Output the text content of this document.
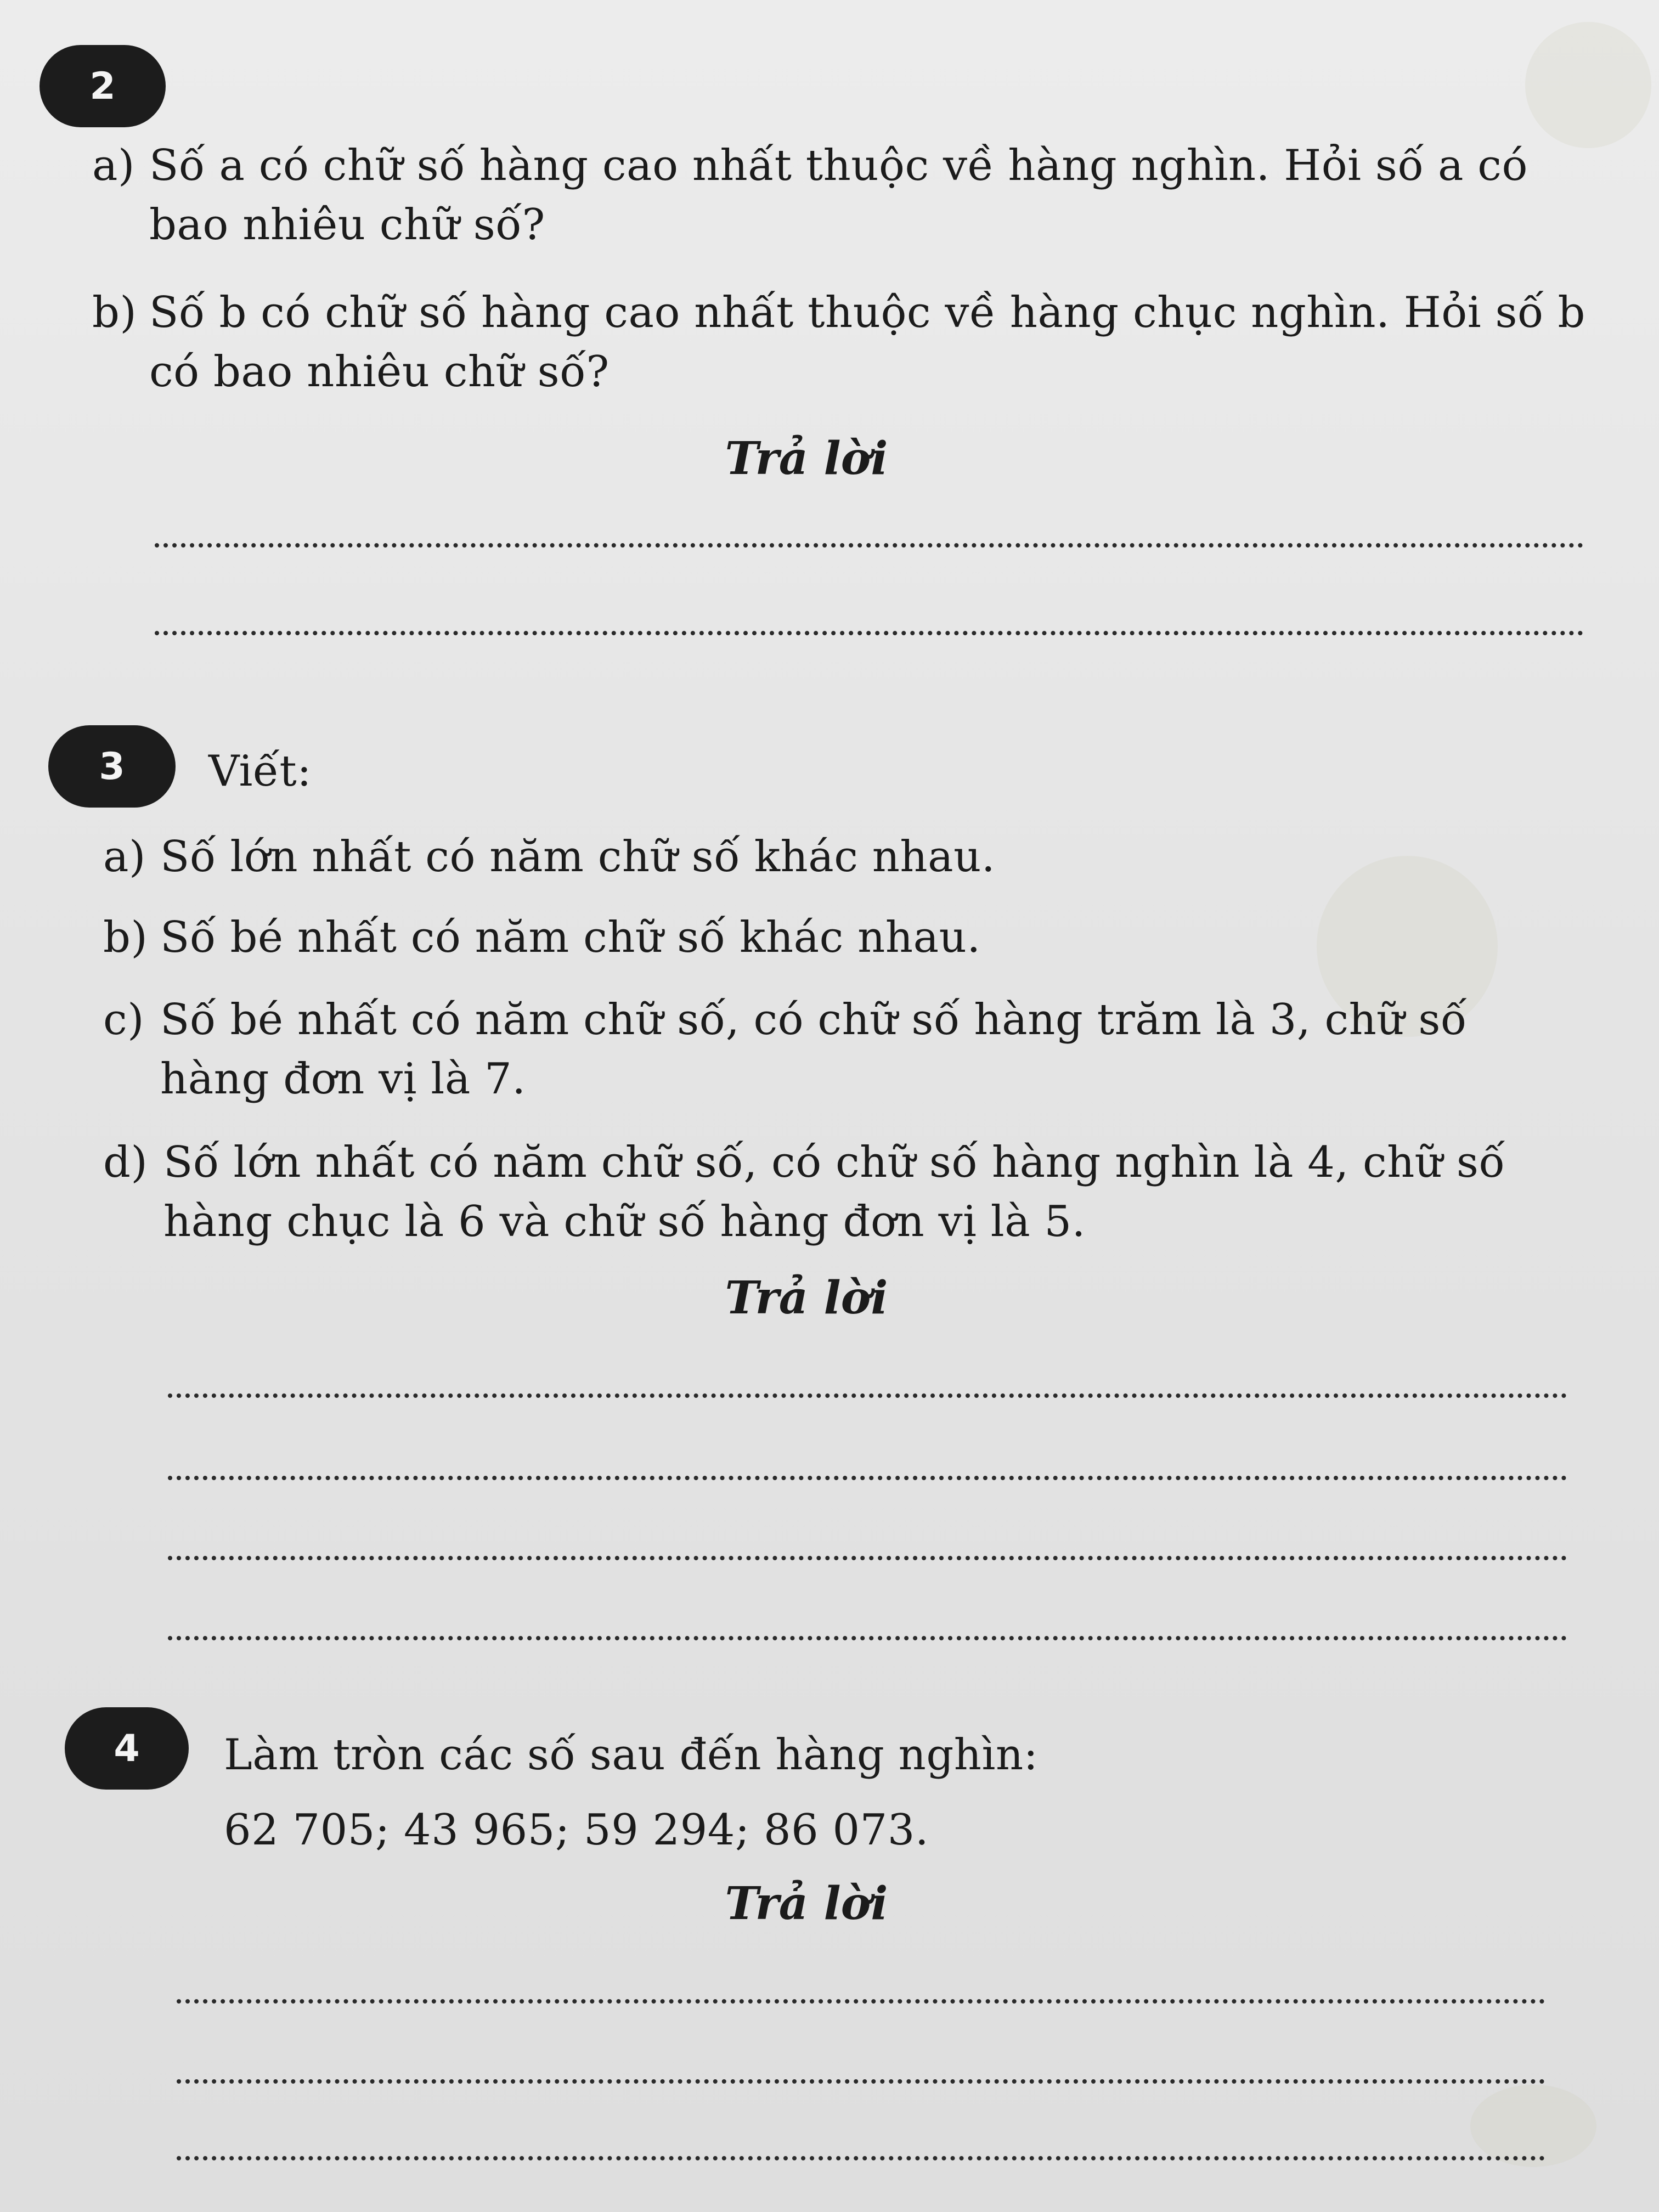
2
a) Số a có chữ số hàng cao nhất thuộc về hàng nghìn. Hỏi số a có
bao nhiêu chữ số?
b) Số b có chữ số hàng cao nhất thuộc về hàng chục nghìn. Hỏi số b
có bao nhiêu chữ số?
Trả lời
3	Viết:
a) Số lớn nhất có năm chữ số khác nhau.
b) Số bé nhất có năm chữ số khác nhau.
c) Số bé nhất có năm chữ số, có chữ số hàng trăm là 3, chữ số
hàng đơn vị là 7.
d) Số lớn nhất có năm chữ số, có chữ số hàng nghìn là 4, chữ số
hàng chục là 6 và chữ số hàng đơn vị là 5.
Trả lời
4	Làm tròn các số sau đến hàng nghìn:
62 705; 43 965; 59 294; 86 073.
Trả lời
